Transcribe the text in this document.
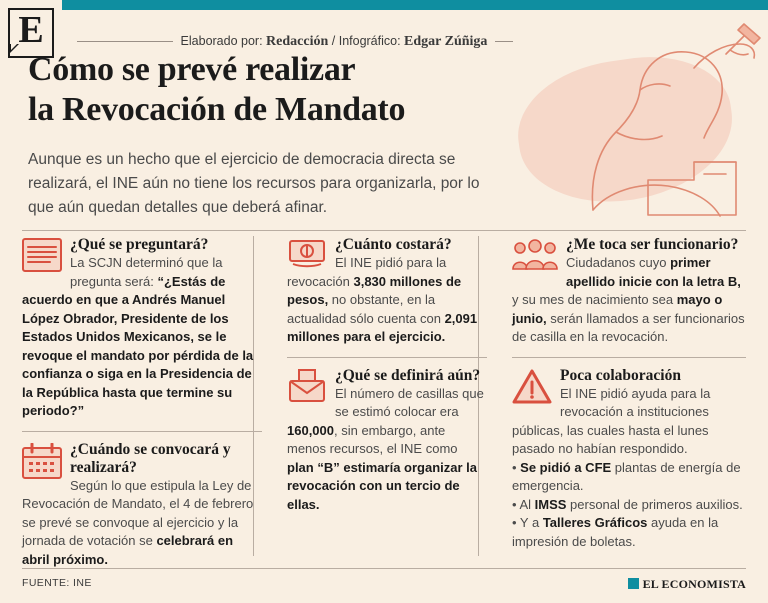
E	Elaborado por: Redacción / Infográfico: Edgar Zúñiga
Cómo se prevé realizar
la Revocación de Mandato
Aunque es un hecho que el ejercicio de democracia directa se realizará, el INE aún no tiene los recursos para organizarla, por lo que aún quedan detalles que deberá afinar.
¿Qué se preguntará?
La SCJN determinó que la pregunta será: “¿Estás de acuerdo en que a Andrés Manuel López Obrador, Presidente de los Estados Unidos Mexicanos, se le revoque el mandato por pérdida de la confianza o siga en la Presidencia de la República hasta que termine su periodo?”
¿Cuándo se convocará y realizará?
Según lo que estipula la Ley de Revocación de Mandato, el 4 de febrero se prevé se convoque al ejercicio y la jornada de votación se celebrará en abril próximo.
¿Cuánto costará?
El INE pidió para la revocación 3,830 millones de pesos, no obstante, en la actualidad sólo cuenta con 2,091 millones para el ejercicio.
¿Qué se definirá aún?
El número de casillas que se estimó colocar era 160,000, sin embargo, ante menos recursos, el INE como plan “B” estimaría organizar la revocación con un tercio de ellas.
¿Me toca ser funcionario?
Ciudadanos cuyo primer apellido inicie con la letra B, y su mes de nacimiento sea mayo o junio, serán llamados a ser funcionarios de casilla en la revocación.
Poca colaboración
El INE pidió ayuda para la revocación a instituciones públicas, las cuales hasta el lunes pasado no habían respondido.
• Se pidió a CFE plantas de energía de emergencia.
• Al IMSS personal de primeros auxilios.
• Y a Talleres Gráficos ayuda en la impresión de boletas.
FUENTE: INE	EL ECONOMISTA
